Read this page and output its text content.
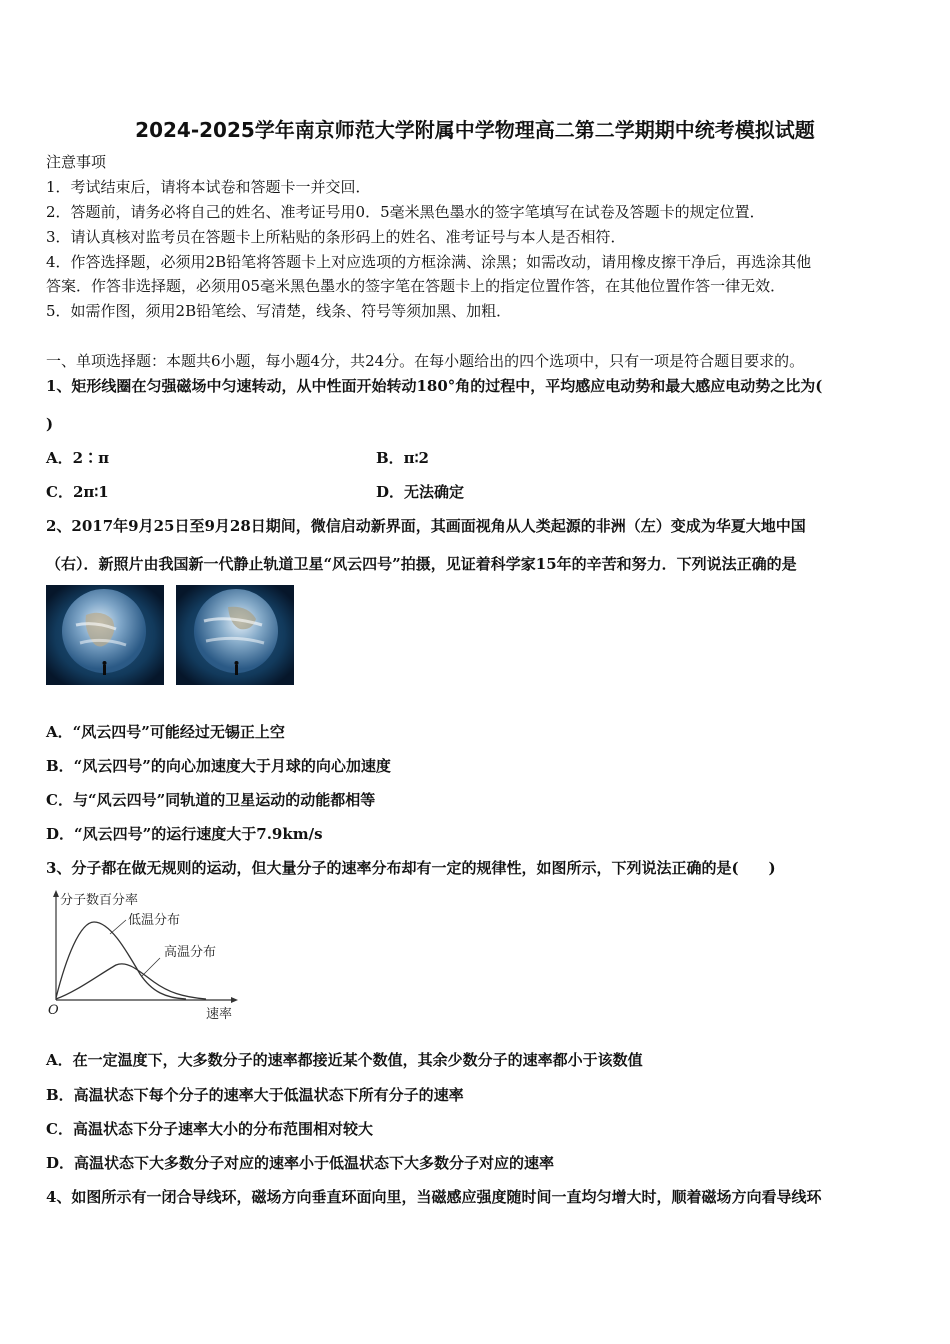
2024-2025学年南京师范大学附属中学物理高二第二学期期中统考模拟试题
注意事项
1．考试结束后，请将本试卷和答题卡一并交回．
2．答题前，请务必将自己的姓名、准考证号用0．5毫米黑色墨水的签字笔填写在试卷及答题卡的规定位置．
3．请认真核对监考员在答题卡上所粘贴的条形码上的姓名、准考证号与本人是否相符．
4．作答选择题，必须用2B铅笔将答题卡上对应选项的方框涂满、涂黑；如需改动，请用橡皮擦干净后，再选涂其他
答案．作答非选择题，必须用05毫米黑色墨水的签字笔在答题卡上的指定位置作答，在其他位置作答一律无效．
5．如需作图，须用2B铅笔绘、写清楚，线条、符号等须加黑、加粗．
一、单项选择题：本题共6小题，每小题4分，共24分。在每小题给出的四个选项中，只有一项是符合题目要求的。
1、矩形线圈在匀强磁场中匀速转动，从中性面开始转动180°角的过程中，平均感应电动势和最大感应电动势之比为(
)
A．2∶π	B．π∶2
C．2π∶1	D．无法确定
2、2017年9月25日至9月28日期间，微信启动新界面，其画面视角从人类起源的非洲（左）变成为华夏大地中国
（右）．新照片由我国新一代静止轨道卫星“风云四号”拍摄，见证着科学家15年的辛苦和努力．下列说法正确的是
A．“风云四号”可能经过无锡正上空
B．“风云四号”的向心加速度大于月球的向心加速度
C．与“风云四号”同轨道的卫星运动的动能都相等
D．“风云四号”的运行速度大于7.9km/s
3、分子都在做无规则的运动，但大量分子的速率分布却有一定的规律性，如图所示，下列说法正确的是(　　)
分子数百分率
低温分布
高温分布
O	速率
A．在一定温度下，大多数分子的速率都接近某个数值，其余少数分子的速率都小于该数值
B．高温状态下每个分子的速率大于低温状态下所有分子的速率
C．高温状态下分子速率大小的分布范围相对较大
D．高温状态下大多数分子对应的速率小于低温状态下大多数分子对应的速率
4、如图所示有一闭合导线环，磁场方向垂直环面向里，当磁感应强度随时间一直均匀增大时，顺着磁场方向看导线环
